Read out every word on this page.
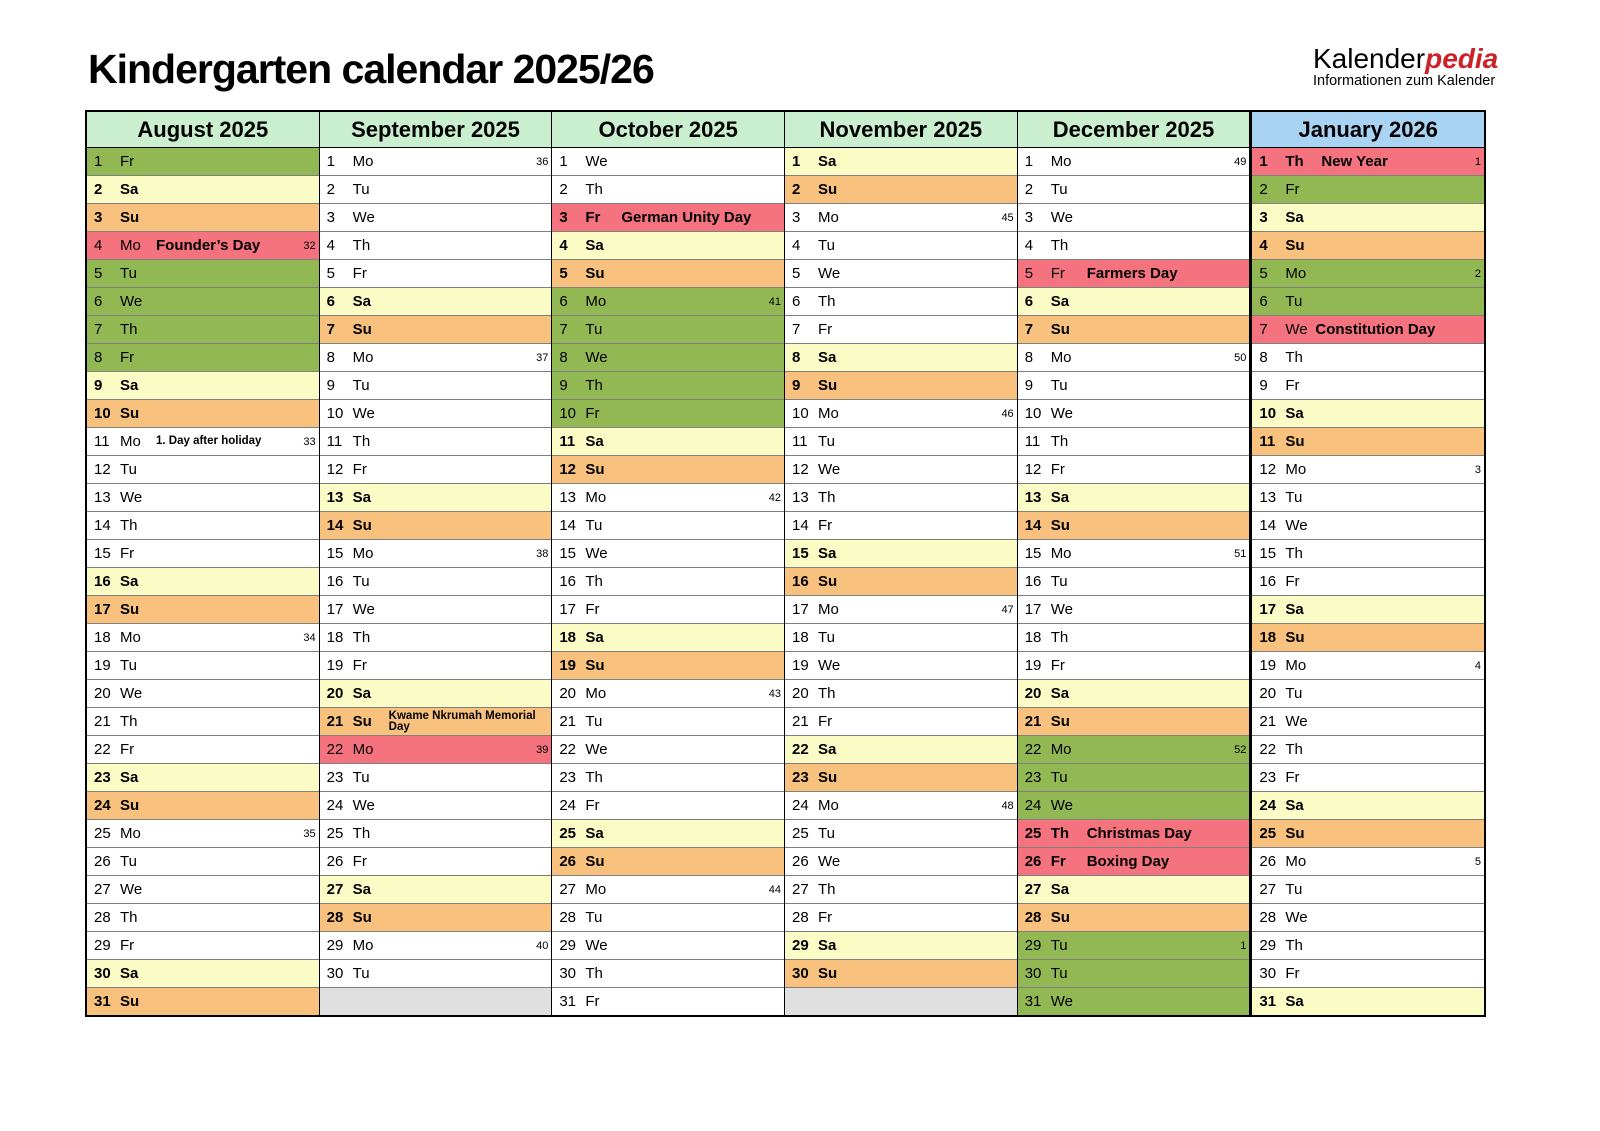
Kindergarten calendar 2025/26	Kalenderpedia
Informationen zum Kalender
August 2025
1	Fr
2	Sa
3	Su
4	Mo	Founder’s Day	32
5	Tu
6	We
7	Th
8	Fr
9	Sa
10 Su
11 Mo	1. Day after holiday	33
12 Tu
13 We
14 Th
15 Fr
16 Sa
17 Su
18 Mo	34
19 Tu
20 We
21 Th
22 Fr
23 Sa
24 Su
25 Mo	35
26 Tu
27 We
28 Th
29 Fr
30 Sa
31 Su
September 2025
1	Mo	36
2	Tu
3	We
4	Th
5	Fr
6	Sa
7	Su
8	Mo	37
9	Tu
10 We
11 Th
12 Fr
13 Sa
14 Su
15 Mo	38
16 Tu
17 We
18 Th
19 Fr
20 Sa
21 Su	Kwame Nkrumah Memorial Day
22 Mo	39
23 Tu
24 We
25 Th
26 Fr
27 Sa
28 Su
29 Mo	40
30 Tu
October 2025
1	We
2	Th
3	Fr	German Unity Day
4	Sa
5	Su
6	Mo	41
7	Tu
8	We
9	Th
10 Fr
11 Sa
12 Su
13 Mo	42
14 Tu
15 We
16 Th
17 Fr
18 Sa
19 Su
20 Mo	43
21 Tu
22 We
23 Th
24 Fr
25 Sa
26 Su
27 Mo	44
28 Tu
29 We
30 Th
31 Fr
November 2025
1	Sa
2	Su
3	Mo	45
4	Tu
5	We
6	Th
7	Fr
8	Sa
9	Su
10 Mo	46
11 Tu
12 We
13 Th
14 Fr
15 Sa
16 Su
17 Mo	47
18 Tu
19 We
20 Th
21 Fr
22 Sa
23 Su
24 Mo	48
25 Tu
26 We
27 Th
28 Fr
29 Sa
30 Su
December 2025
1	Mo	49
2	Tu
3	We
4	Th
5	Fr	Farmers Day
6	Sa
7	Su
8	Mo	50
9	Tu
10 We
11 Th
12 Fr
13 Sa
14 Su
15 Mo	51
16 Tu
17 We
18 Th
19 Fr
20 Sa
21 Su
22 Mo	52
23 Tu
24 We
25 Th	Christmas Day
26 Fr	Boxing Day
27 Sa
28 Su
29 Tu	1
30 Tu
31 We
January 2026
1	Th	New Year	1
2	Fr
3	Sa
4	Su
5	Mo	2
6	Tu
7	We Constitution Day
8	Th
9	Fr
10 Sa
11 Su
12 Mo	3
13 Tu
14 We
15 Th
16 Fr
17 Sa
18 Su
19 Mo	4
20 Tu
21 We
22 Th
23 Fr
24 Sa
25 Su
26 Mo	5
27 Tu
28 We
29 Th
30 Fr
31 Sa
